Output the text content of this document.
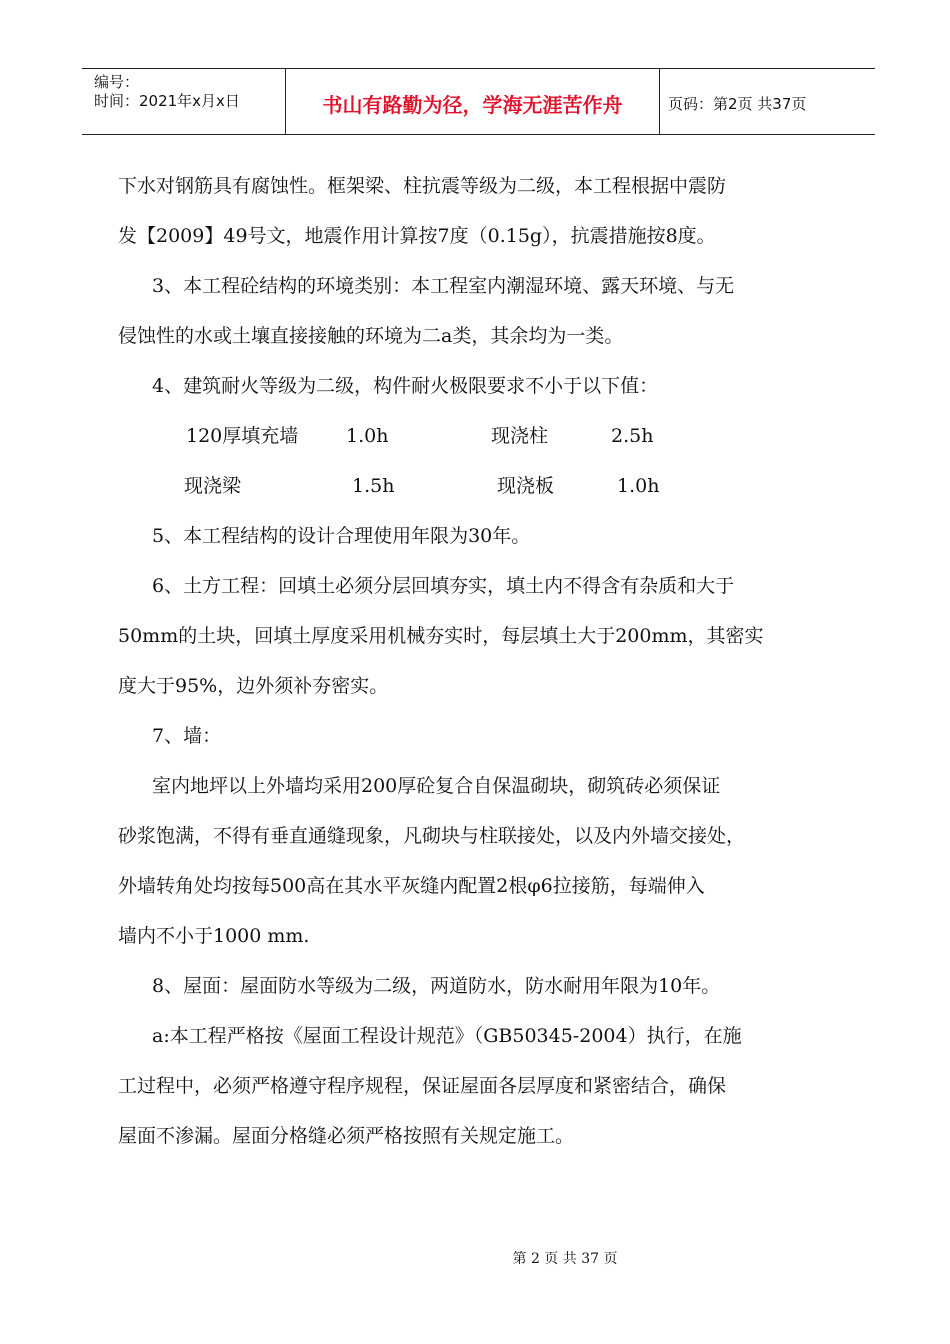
编号：
时间：2021年x月x日	书山有路勤为径，学海无涯苦作舟	页码：第2页 共37页
下水对钢筋具有腐蚀性。框架梁、柱抗震等级为二级，本工程根据中震防
发【2009】49号文，地震作用计算按7度（0.15g），抗震措施按8度。
3、本工程砼结构的环境类别：本工程室内潮湿环境、露天环境、与无
侵蚀性的水或土壤直接接触的环境为二a类，其余均为一类。
4、建筑耐火等级为二级，构件耐火极限要求不小于以下值：
120厚填充墙	1.0h	现浇柱	2.5h
现浇梁	1.5h	现浇板	1.0h
5、本工程结构的设计合理使用年限为30年。
6、土方工程：回填土必须分层回填夯实，填土内不得含有杂质和大于
50mm的土块，回填土厚度采用机械夯实时，每层填土大于200mm，其密实
度大于95%，边外须补夯密实。
7、墙：
室内地坪以上外墙均采用200厚砼复合自保温砌块，砌筑砖必须保证
砂浆饱满，不得有垂直通缝现象，凡砌块与柱联接处，以及内外墙交接处，
外墙转角处均按每500高在其水平灰缝内配置2根φ6拉接筋，每端伸入
墙内不小于1000 mm.
8、屋面：屋面防水等级为二级，两道防水，防水耐用年限为10年。
a:本工程严格按《屋面工程设计规范》（GB50345-2004）执行，在施
工过程中，必须严格遵守程序规程，保证屋面各层厚度和紧密结合，确保
屋面不渗漏。屋面分格缝必须严格按照有关规定施工。
第 2 页 共 37 页
